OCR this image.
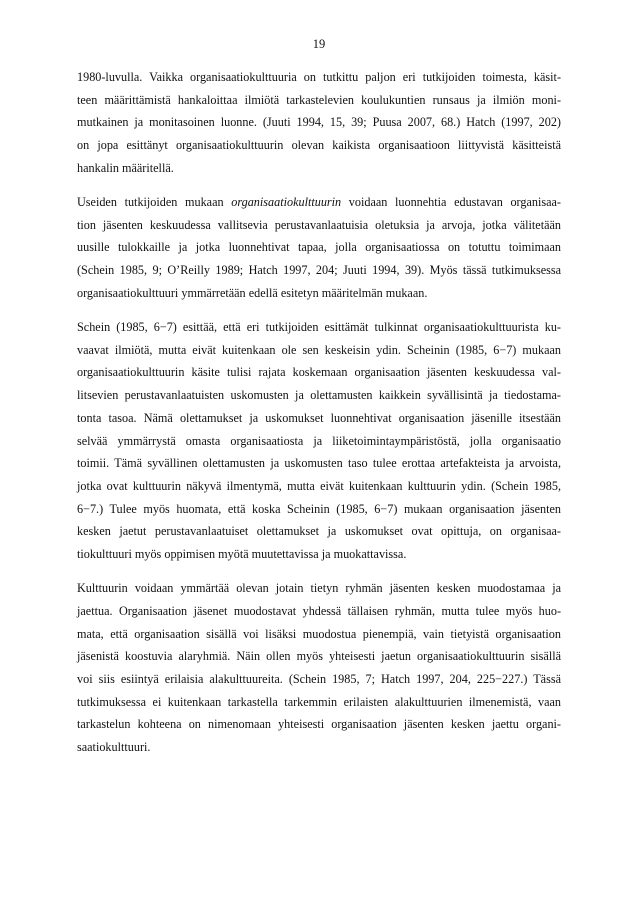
19
1980-luvulla. Vaikka organisaatiokulttuuria on tutkittu paljon eri tutkijoiden toimesta, käsit-
teen määrittämistä hankaloittaa ilmiötä tarkastelevien koulukuntien runsaus ja ilmiön moni-
mutkainen ja monitasoinen luonne. (Juuti 1994, 15, 39; Puusa 2007, 68.) Hatch (1997, 202)
on jopa esittänyt organisaatiokulttuurin olevan kaikista organisaatioon liittyvistä käsitteistä
hankalin määritellä.
Useiden tutkijoiden mukaan organisaatiokulttuurin voidaan luonnehtia edustavan organisaa-
tion jäsenten keskuudessa vallitsevia perustavanlaatuisia oletuksia ja arvoja, jotka välitetään
uusille tulokkaille ja jotka luonnehtivat tapaa, jolla organisaatiossa on totuttu toimimaan
(Schein 1985, 9; O’Reilly 1989; Hatch 1997, 204; Juuti 1994, 39). Myös tässä tutkimuksessa
organisaatiokulttuuri ymmärretään edellä esitetyn määritelmän mukaan.
Schein (1985, 6−7) esittää, että eri tutkijoiden esittämät tulkinnat organisaatiokulttuurista ku-
vaavat ilmiötä, mutta eivät kuitenkaan ole sen keskeisin ydin. Scheinin (1985, 6−7) mukaan
organisaatiokulttuurin käsite tulisi rajata koskemaan organisaation jäsenten keskuudessa val-
litsevien perustavanlaatuisten uskomusten ja olettamusten kaikkein syvällisintä ja tiedostama-
tonta tasoa. Nämä olettamukset ja uskomukset luonnehtivat organisaation jäsenille itsestään
selvää ymmärrystä omasta organisaatiosta ja liiketoimintaympäristöstä, jolla organisaatio
toimii. Tämä syvällinen olettamusten ja uskomusten taso tulee erottaa artefakteista ja arvoista,
jotka ovat kulttuurin näkyvä ilmentymä, mutta eivät kuitenkaan kulttuurin ydin. (Schein 1985,
6−7.) Tulee myös huomata, että koska Scheinin (1985, 6−7) mukaan organisaation jäsenten
kesken jaetut perustavanlaatuiset olettamukset ja uskomukset ovat opittuja, on organisaa-
tiokulttuuri myös oppimisen myötä muutettavissa ja muokattavissa.
Kulttuurin voidaan ymmärtää olevan jotain tietyn ryhmän jäsenten kesken muodostamaa ja
jaettua. Organisaation jäsenet muodostavat yhdessä tällaisen ryhmän, mutta tulee myös huo-
mata, että organisaation sisällä voi lisäksi muodostua pienempiä, vain tietyistä organisaation
jäsenistä koostuvia alaryhmiä. Näin ollen myös yhteisesti jaetun organisaatiokulttuurin sisällä
voi siis esiintyä erilaisia alakulttuureita. (Schein 1985, 7; Hatch 1997, 204, 225−227.) Tässä
tutkimuksessa ei kuitenkaan tarkastella tarkemmin erilaisten alakulttuurien ilmenemistä, vaan
tarkastelun kohteena on nimenomaan yhteisesti organisaation jäsenten kesken jaettu organi-
saatiokulttuuri.
